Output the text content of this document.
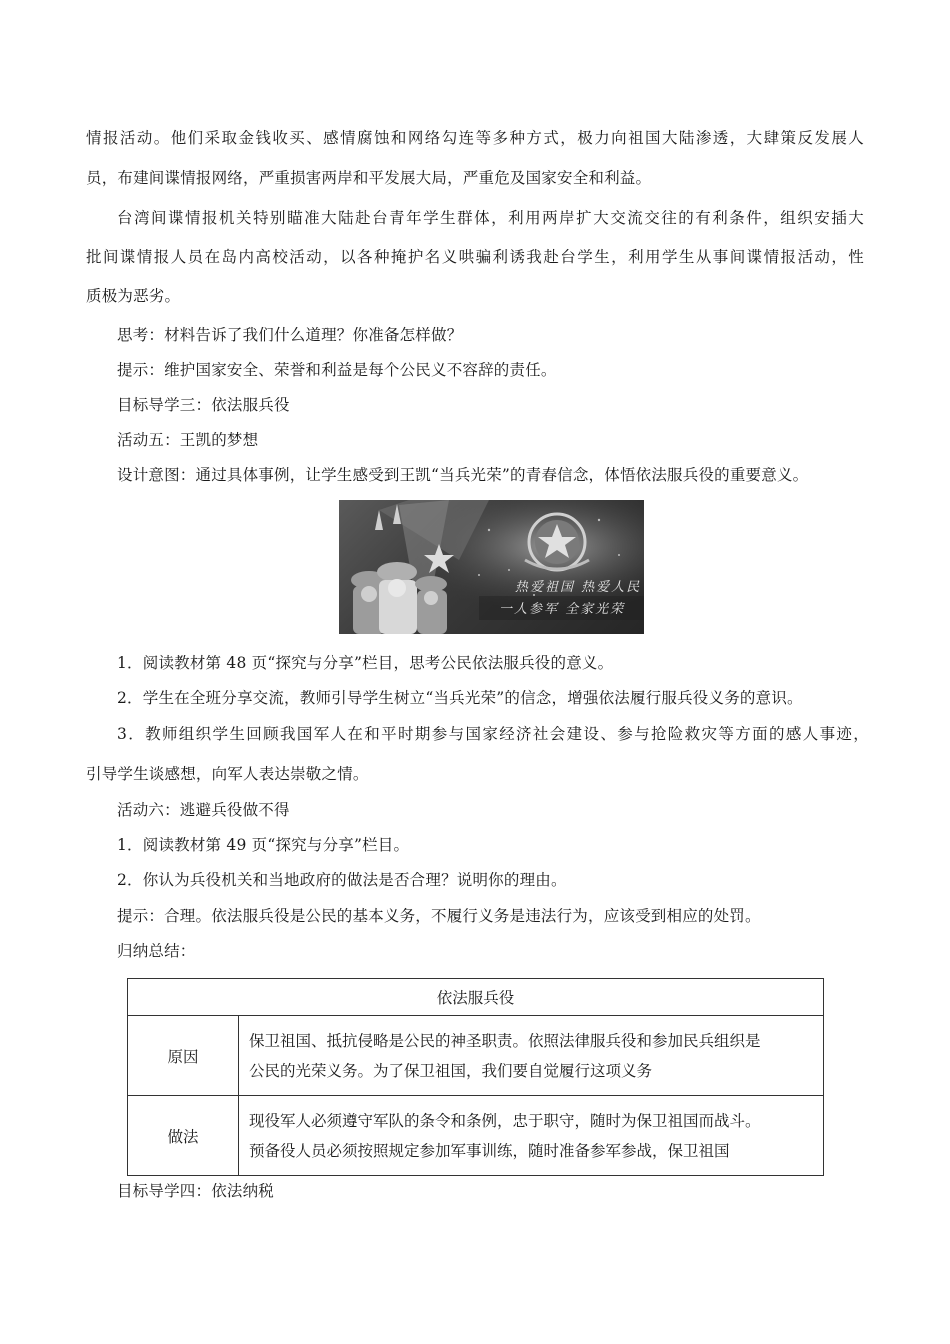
情报活动。他们采取金钱收买、感情腐蚀和网络勾连等多种方式，极力向祖国大陆渗透，大肆策反发展人
员，布建间谍情报网络，严重损害两岸和平发展大局，严重危及国家安全和利益。
台湾间谍情报机关特别瞄准大陆赴台青年学生群体，利用两岸扩大交流交往的有利条件，组织安插大
批间谍情报人员在岛内高校活动，以各种掩护名义哄骗利诱我赴台学生，利用学生从事间谍情报活动，性
质极为恶劣。
思考：材料告诉了我们什么道理？你准备怎样做？
提示：维护国家安全、荣誉和利益是每个公民义不容辞的责任。
目标导学三：依法服兵役
活动五：王凯的梦想
设计意图：通过具体事例，让学生感受到王凯“当兵光荣”的青春信念，体悟依法服兵役的重要意义。
热爱祖国 热爱人民
一人参军 全家光荣
1．阅读教材第 48 页“探究与分享”栏目，思考公民依法服兵役的意义。
2．学生在全班分享交流，教师引导学生树立“当兵光荣”的信念，增强依法履行服兵役义务的意识。
3．教师组织学生回顾我国军人在和平时期参与国家经济社会建设、参与抢险救灾等方面的感人事迹，
引导学生谈感想，向军人表达崇敬之情。
活动六：逃避兵役做不得
1．阅读教材第 49 页“探究与分享”栏目。
2．你认为兵役机关和当地政府的做法是否合理？说明你的理由。
提示：合理。依法服兵役是公民的基本义务，不履行义务是违法行为，应该受到相应的处罚。
归纳总结：
依法服兵役	
原因	保卫祖国、抵抗侵略是公民的神圣职责。依照法律服兵役和参加民兵组织是
公民的光荣义务。为了保卫祖国，我们要自觉履行这项义务

做法	现役军人必须遵守军队的条令和条例，忠于职守，随时为保卫祖国而战斗。
预备役人员必须按照规定参加军事训练，随时准备参军参战，保卫祖国
目标导学四：依法纳税
